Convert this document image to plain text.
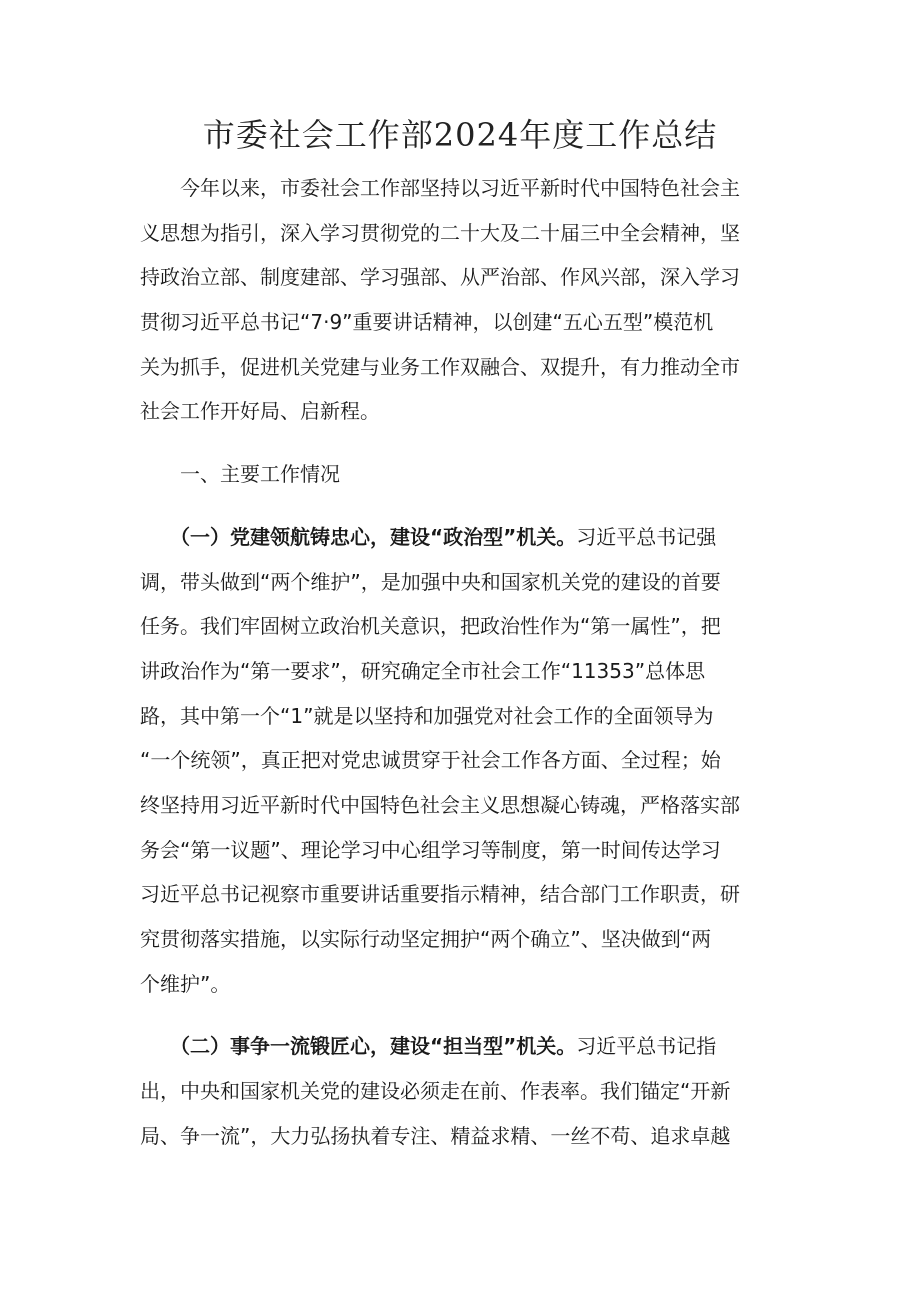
市委社会工作部2024年度工作总结
　　今年以来，市委社会工作部坚持以习近平新时代中国特色社会主
义思想为指引，深入学习贯彻党的二十大及二十届三中全会精神，坚
持政治立部、制度建部、学习强部、从严治部、作风兴部，深入学习
贯彻习近平总书记“7·9”重要讲话精神，以创建“五心五型”模范机
关为抓手，促进机关党建与业务工作双融合、双提升，有力推动全市
社会工作开好局、启新程。
　　一、主要工作情况
　　（一）党建领航铸忠心，建设“政治型”机关。习近平总书记强
调，带头做到“两个维护”，是加强中央和国家机关党的建设的首要
任务。我们牢固树立政治机关意识，把政治性作为“第一属性”，把
讲政治作为“第一要求”，研究确定全市社会工作“11353”总体思
路，其中第一个“1”就是以坚持和加强党对社会工作的全面领导为
“一个统领”，真正把对党忠诚贯穿于社会工作各方面、全过程；始
终坚持用习近平新时代中国特色社会主义思想凝心铸魂，严格落实部
务会“第一议题”、理论学习中心组学习等制度，第一时间传达学习
习近平总书记视察市重要讲话重要指示精神，结合部门工作职责，研
究贯彻落实措施，以实际行动坚定拥护“两个确立”、坚决做到“两
个维护”。
　　（二）事争一流锻匠心，建设“担当型”机关。习近平总书记指
出，中央和国家机关党的建设必须走在前、作表率。我们锚定“开新
局、争一流”，大力弘扬执着专注、精益求精、一丝不苟、追求卓越
